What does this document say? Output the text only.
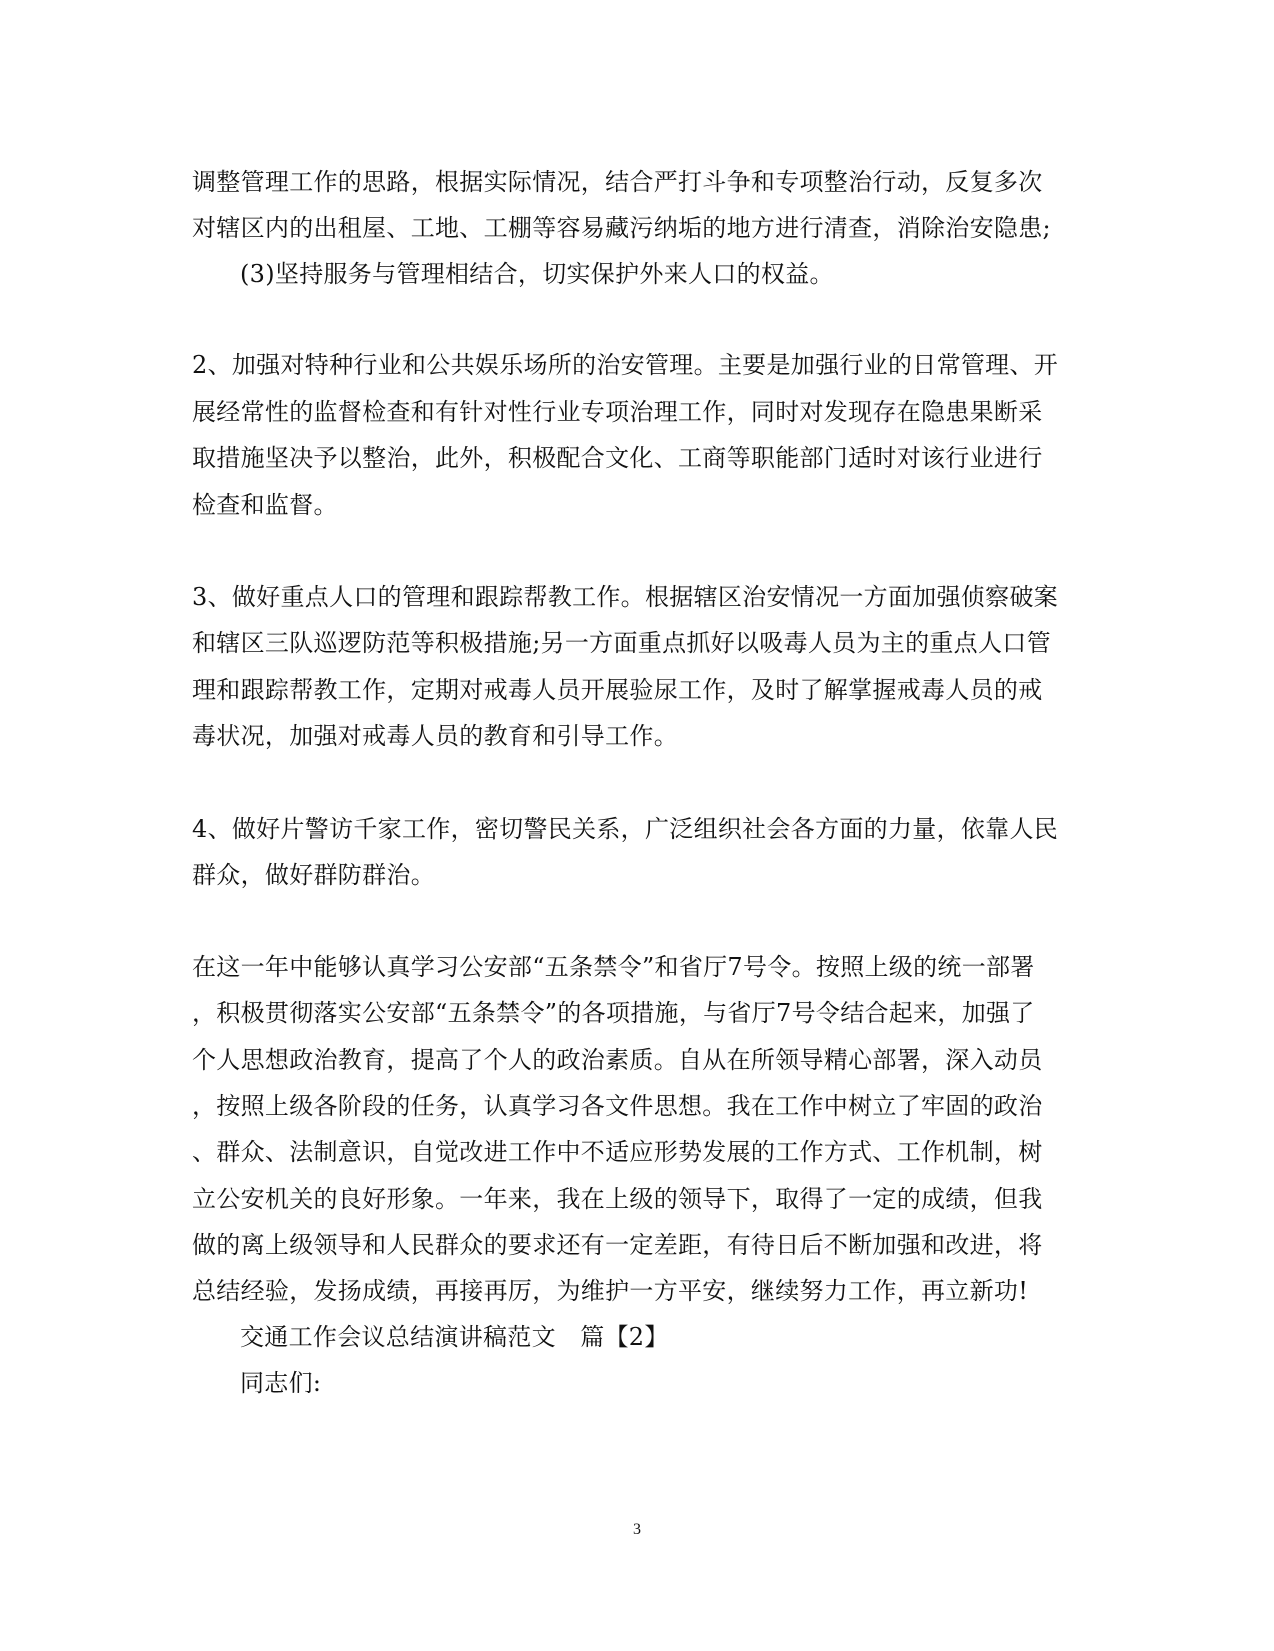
调整管理工作的思路，根据实际情况，结合严打斗争和专项整治行动，反复多次
对辖区内的出租屋、工地、工棚等容易藏污纳垢的地方进行清查，消除治安隐患;
(3)坚持服务与管理相结合，切实保护外来人口的权益。
2、加强对特种行业和公共娱乐场所的治安管理。主要是加强行业的日常管理、开
展经常性的监督检查和有针对性行业专项治理工作，同时对发现存在隐患果断采
取措施坚决予以整治，此外，积极配合文化、工商等职能部门适时对该行业进行
检查和监督。
3、做好重点人口的管理和跟踪帮教工作。根据辖区治安情况一方面加强侦察破案
和辖区三队巡逻防范等积极措施;另一方面重点抓好以吸毒人员为主的重点人口管
理和跟踪帮教工作，定期对戒毒人员开展验尿工作，及时了解掌握戒毒人员的戒
毒状况，加强对戒毒人员的教育和引导工作。
4、做好片警访千家工作，密切警民关系，广泛组织社会各方面的力量，依靠人民
群众，做好群防群治。
在这一年中能够认真学习公安部“五条禁令”和省厅7号令。按照上级的统一部署
，积极贯彻落实公安部“五条禁令”的各项措施，与省厅7号令结合起来，加强了
个人思想政治教育，提高了个人的政治素质。自从在所领导精心部署，深入动员
，按照上级各阶段的任务，认真学习各文件思想。我在工作中树立了牢固的政治
、群众、法制意识，自觉改进工作中不适应形势发展的工作方式、工作机制，树
立公安机关的良好形象。一年来，我在上级的领导下，取得了一定的成绩，但我
做的离上级领导和人民群众的要求还有一定差距，有待日后不断加强和改进，将
总结经验，发扬成绩，再接再厉，为维护一方平安，继续努力工作，再立新功!
交通工作会议总结演讲稿范文　篇【2】
同志们:
3
